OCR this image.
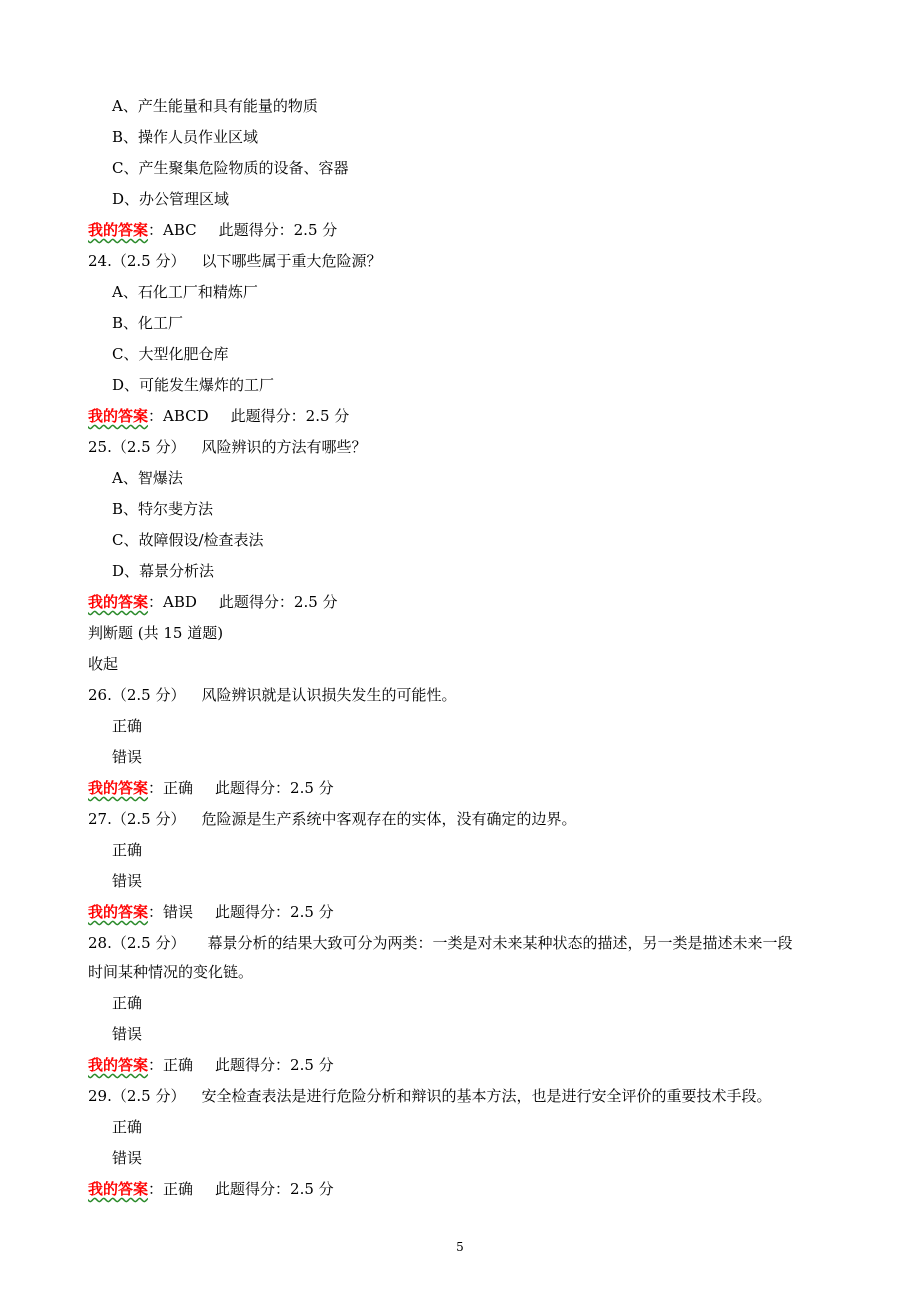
A、产生能量和具有能量的物质
B、操作人员作业区域
C、产生聚集危险物质的设备、容器
D、办公管理区域
我的答案：ABC 此题得分：2.5 分
24.（2.5 分） 以下哪些属于重大危险源？
A、石化工厂和精炼厂
B、化工厂
C、大型化肥仓库
D、可能发生爆炸的工厂
我的答案：ABCD 此题得分：2.5 分
25.（2.5 分） 风险辨识的方法有哪些？
A、智爆法
B、特尔斐方法
C、故障假设/检查表法
D、幕景分析法
我的答案：ABD 此题得分：2.5 分
判断题 (共 15 道题)
收起
26.（2.5 分） 风险辨识就是认识损失发生的可能性。
正确
错误
我的答案：正确 此题得分：2.5 分
27.（2.5 分） 危险源是生产系统中客观存在的实体，没有确定的边界。
正确
错误
我的答案：错误 此题得分：2.5 分
28.（2.5 分） 幕景分析的结果大致可分为两类：一类是对未来某种状态的描述，另一类是描述未来一段
时间某种情况的变化链。
正确
错误
我的答案：正确 此题得分：2.5 分
29.（2.5 分） 安全检查表法是进行危险分析和辩识的基本方法，也是进行安全评价的重要技术手段。
正确
错误
我的答案：正确 此题得分：2.5 分
5
